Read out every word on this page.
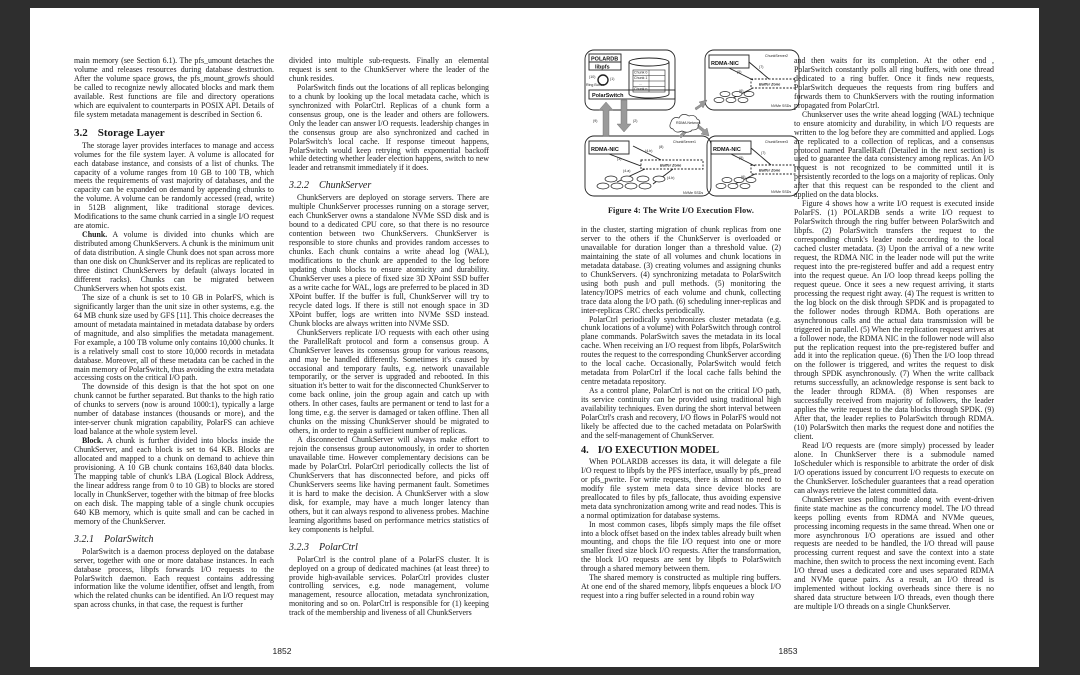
main memory (see Section 6.1). The pfs_umount detaches the volume and releases resources during database destruction. After the volume space grows, the pfs_mount_growfs should be called to recognize newly allocated blocks and mark them available. Rest functions are file and directory operations which are equivalent to counterparts in POSIX API. Details of file system metadata management is described in Section 6.

3.2 Storage Layer

The storage layer provides interfaces to manage and access volumes for the file system layer. A volume is allocated for each database instance, and consists of a list of chunks. The capacity of a volume ranges from 10 GB to 100 TB, which meets the requirements of vast majority of databases, and the capacity can be expanded on demand by appending chunks to the volume. A volume can be randomly accessed (read, write) in 512B alignment, like traditional storage devices. Modifications to the same chunk carried in a single I/O request are atomic.

Chunk. A volume is divided into chunks which are distributed among ChunkServers. A chunk is the minimum unit of data distribution. A single Chunk does not span across more than one disk on ChunkServer and its replicas are replicated to three distinct ChunkServers by default (always located in different racks). Chunks can be migrated between ChunkServers when hot spots exist.

The size of a chunk is set to 10 GB in PolarFS, which is significantly larger than the unit size in other systems, e.g. the 64 MB chunk size used by GFS [11]. This choice decreases the amount of metadata maintained in metadata database by orders of magnitude, and also simplifies the metadata management. For example, a 100 TB volume only contains 10,000 chunks. It is a relatively small cost to store 10,000 records in metadata database. Moreover, all of these metadata can be cached in the main memory of PolarSwitch, thus avoiding the extra metadata accessing costs on the critical I/O path.

The downside of this design is that the hot spot on one chunk cannot be further separated. But thanks to the high ratio of chunks to servers (now is around 1000:1), typically a large number of database instances (thousands or more), and the inter-server chunk migration capability, PolarFS can achieve load balance at the whole system level.

Block. A chunk is further divided into blocks inside the ChunkServer, and each block is set to 64 KB. Blocks are allocated and mapped to a chunk on demand to achieve thin provisioning. A 10 GB chunk contains 163,840 data blocks. The mapping table of chunk's LBA (Logical Block Address, the linear address range from 0 to 10 GB) to blocks are stored locally in ChunkServer, together with the bitmap of free blocks on each disk. The mapping table of a single chunk occupies 640 KB memory, which is quite small and can be cached in memory of the ChunkServer.

3.2.1 PolarSwitch

PolarSwitch is a daemon process deployed on the database server, together with one or more database instances. In each database process, libpfs forwards I/O requests to the PolarSwitch daemon. Each request contains addressing information like the volume identifier, offset and length, from which the related chunks can be identified. An I/O request may span across chunks, in that case, the request is further

divided into multiple sub-requests. Finally an elemental request is sent to the ChunkServer where the leader of the chunk resides.

PolarSwitch finds out the locations of all replicas belonging to a chunk by looking up the local metadata cache, which is synchronized with PolarCtrl. Replicas of a chunk form a consensus group, one is the leader and others are followers. Only the leader can answer I/O requests. leadership changes in the consensus group are also synchronized and cached in PolarSwitch's local cache. If response timeout happens, PolarSwitch would keep retrying with exponential backoff while detecting whether leader election happens, switch to new leader and retransmit immediately if it does.

3.2.2 ChunkServer

ChunkServers are deployed on storage servers. There are multiple ChunkServer processes running on a storage server, each ChunkServer owns a standalone NVMe SSD disk and is bound to a dedicated CPU core, so that there is no resource contention between two ChunkServers. ChunkServer is responsible to store chunks and provides random accesses to chunks. Each chunk contains a write ahead log (WAL), modifications to the chunk are appended to the log before updating chunk blocks to ensure atomicity and durability. ChunkServer uses a piece of fixed size 3D XPoint SSD buffer as a write cache for WAL, logs are preferred to be placed in 3D XPoint buffer. If the buffer is full, ChunkServer will try to recycle dated logs. If there is still not enough space in 3D XPoint buffer, logs are written into NVMe SSD instead. Chunk blocks are always written into NVMe SSD.

ChunkServers replicate I/O requests with each other using the ParallelRaft protocol and form a consensus group. A ChunkServer leaves its consensus group for various reasons, and may be handled differently. Sometimes it's caused by occasional and temporary faults, e.g. network unavailable temporarily, or the server is upgraded and rebooted. In this situation it's better to wait for the disconnected ChunkServer to come back online, join the group again and catch up with others. In other cases, faults are permanent or tend to last for a long time, e.g. the server is damaged or taken offline. Then all chunks on the missing ChunkServer should be migrated to others, in order to regain a sufficient number of replicas.

A disconnected ChunkServer will always make effort to rejoin the consensus group autonomously, in order to shorten unavailable time. However complementary decisions can be made by PolarCtrl. PolarCtrl periodically collects the list of ChunkServers that has disconnected before, and picks off ChunkServers seems like having permanent fault. Sometimes it is hard to make the decision. A ChunkServer with a slow disk, for example, may have a much longer latency than others, but it can always respond to aliveness probes. Machine learning algorithms based on performance metrics statistics of key components is helpful.

3.2.3 PolarCtrl

PolarCtrl is the control plane of a PolarFS cluster. It is deployed on a group of dedicated machines (at least three) to provide high-available services. PolarCtrl provides cluster controlling services, e.g. node management, volume management, resource allocation, metadata synchronization, monitoring and so on. PolarCtrl is responsible for (1) keeping track of the membership and liveness of all ChunkServers

1852
POLARDB
libpfs
PolarSwitch
RDMA-NIC
RDMA-NIC
RDMA-NIC
Ring Buffer
(10)	(1)
(9)	(2)
Chunk 0
Chunk 1
...
Chunk n
RDMA Network
ChunkServer1
ChunkServer2
ChunkServer3
(3)
(4.b)
(8)
(4.a)
(4.b)
(5)
(7)
(6)
(5)
(7)
(6)
NVMe SSDs
NVMe SSDs
NVMe SSDs
Buffer Zone
Buffer Zone
Buffer Zone
Figure 4: The Write I/O Execution Flow.

in the cluster, starting migration of chunk replicas from one server to the others if the ChunkServer is overloaded or unavailable for duration longer than a threshold value. (2) maintaining the state of all volumes and chunk locations in metadata database. (3) creating volumes and assigning chunks to ChunkServers. (4) synchronizing metadata to PolarSwitch using both push and pull methods. (5) monitoring the latency/IOPS metrics of each volume and chunk, collecting trace data along the I/O path. (6) scheduling inner-replicas and inter-replicas CRC checks periodically.

PolarCtrl periodically synchronizes cluster metadata (e.g. chunk locations of a volume) with PolarSwitch through control plane commands. PolarSwitch saves the metadata in its local cache. When receiving an I/O request from libpfs, PolarSwitch routes the request to the corresponding ChunkServer according to the local cache. Occasionally, PolarSwitch would fetch metadata from PolarCtrl if the local cache falls behind the centre metadata repository.

As a control plane, PolarCtrl is not on the critical I/O path, its service continuity can be provided using traditional high availability techniques. Even during the short interval between PolarCtrl's crash and recovery, I/O flows in PolarFS would not likely be affected due to the cached metadata on PolarSwith and the self-management of ChunkServer.

4. I/O EXECUTION MODEL

When POLARDB accesses its data, it will delegate a file I/O request to libpfs by the PFS interface, usually by pfs_pread or pfs_pwrite. For write requests, there is almost no need to modify file system meta data since device blocks are preallocated to files by pfs_fallocate, thus avoiding expensive meta data synchronization among write and read nodes. This is a normal optimization for database systems.

In most common cases, libpfs simply maps the file offset into a block offset based on the index tables already built when mounting, and chops the file I/O request into one or more smaller fixed size block I/O requests. After the transformation, the block I/O requests are sent by libpfs to PolarSwitch through a shared memory between them.

The shared memory is constructed as multiple ring buffers. At one end of the shared memory, libpfs enqueues a block I/O request into a ring buffer selected in a round robin way

and then waits for its completion. At the other end , PolarSwitch constantly polls all ring buffers, with one thread dedicated to a ring buffer. Once it finds new requests, PolarSwitch dequeues the requests from ring buffers and forwards them to ChunkServers with the routing information propagated from PolarCtrl.

Chunkserver uses the write ahead logging (WAL) technique to ensure atomicity and durability, in which I/O requests are written to the log before they are committed and applied. Logs are replicated to a collection of replicas, and a consensus protocol named ParallelRaft (Detailed in the next section) is used to guarantee the data consistency among replicas. An I/O request is not recognized to be committed until it is persistently recorded to the logs on a majority of replicas. Only after that this request can be responded to the client and applied on the data blocks.

Figure 4 shows how a write I/O request is executed inside PolarFS. (1) POLARDB sends a write I/O request to PolarSwitch through the ring buffer between PolarSwitch and libpfs. (2) PolarSwitch transfers the request to the corresponding chunk's leader node according to the local cached cluster metadata. (3) Upon the arrival of a new write request, the RDMA NIC in the leader node will put the write request into the pre-registered buffer and add a request entry into the request queue. An I/O loop thread keeps polling the request queue. Once it sees a new request arriving, it starts processing the request right away. (4) The request is written to the log block on the disk through SPDK and is propagated to the follower nodes through RDMA. Both operations are asynchronous calls and the actual data transmission will be triggered in parallel. (5) When the replication request arrives at a follower node, the RDMA NIC in the follower node will also put the replication request into the pre-registered buffer and add it into the replication queue. (6) Then the I/O loop thread on the follower is triggered, and writes the request to disk through SPDK asynchronously. (7) When the write callback returns successfully, an acknowledge response is sent back to the leader through RDMA. (8) When responses are successfully received from majority of followers, the leader applies the write request to the data blocks through SPDK. (9) After that, the leader replies to PolarSwitch through RDMA. (10) PolarSwitch then marks the request done and notifies the client.

Read I/O requests are (more simply) processed by leader alone. In ChunkServer there is a submodule named IoScheduler which is responsible to arbitrate the order of disk I/O operations issued by concurrent I/O requests to execute on the ChunkServer. IoScheduler guarantees that a read operation can always retrieve the latest committed data.

ChunkServer uses polling mode along with event-driven finite state machine as the concurrency model. The I/O thread keeps polling events from RDMA and NVMe queues, processing incoming requests in the same thread. When one or more asynchronous I/O operations are issued and other requests are needed to be handled, the I/O thread will pause processing current request and save the context into a state machine, then switch to process the next incoming event. Each I/O thread uses a dedicated core and uses separated RDMA and NVMe queue pairs. As a result, an I/O thread is implemented without locking overheads since there is no shared data structure between I/O threads, even though there are multiple I/O threads on a single ChunkServer.

1853
